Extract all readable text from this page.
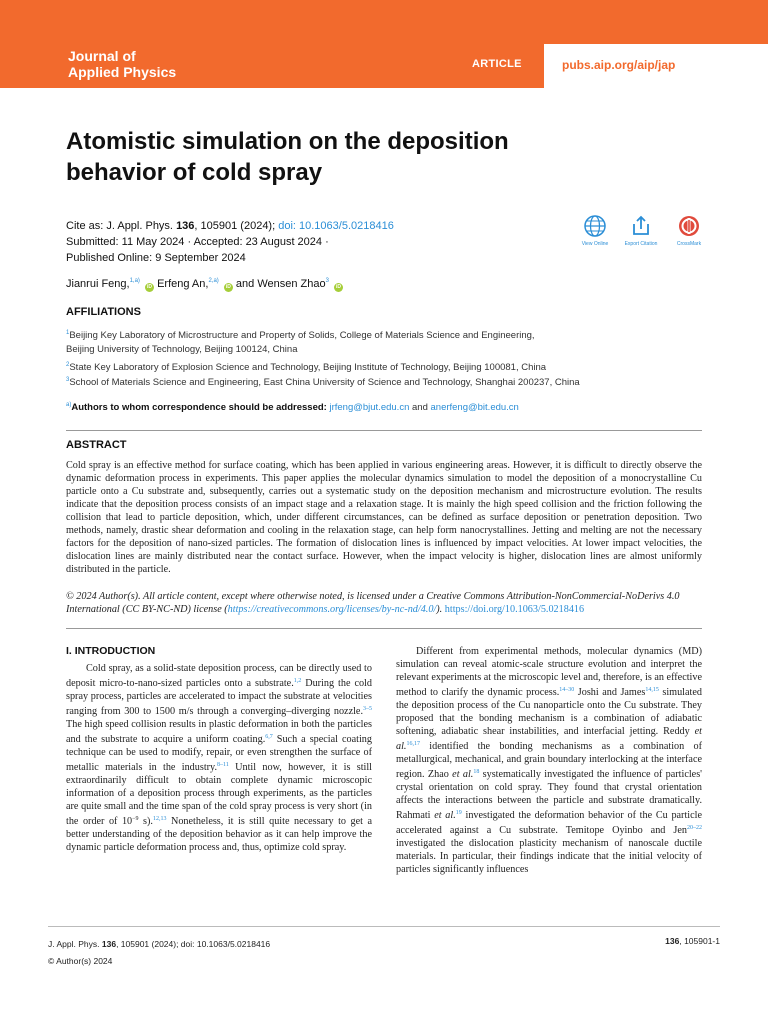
Journal of
Applied Physics	ARTICLE	pubs.aip.org/aip/jap
Atomistic simulation on the deposition
behavior of cold spray
Cite as: J. Appl. Phys. 136, 105901 (2024); doi: 10.1063/5.0218416
Submitted: 11 May 2024 · Accepted: 23 August 2024 ·
Published Online: 9 September 2024
View Online	Export Citation	CrossMark
Jianrui Feng,$^{1,a)}$ iD Erfeng An,$^{2,a)}$ iD and Wensen Zhao$^3$ iD
AFFILIATIONS
$^1$Beijing Key Laboratory of Microstructure and Property of Solids, College of Materials Science and Engineering,
Beijing University of Technology, Beijing 100124, China
$^2$State Key Laboratory of Explosion Science and Technology, Beijing Institute of Technology, Beijing 100081, China
$^3$School of Materials Science and Engineering, East China University of Science and Technology, Shanghai 200237, China
$^{a)}$Authors to whom correspondence should be addressed: jrfeng@bjut.edu.cn and anerfeng@bit.edu.cn
ABSTRACT

Cold spray is an effective method for surface coating, which has been applied in various engineering areas. However, it is difficult to directly observe the dynamic deformation process in experiments. This paper applies the molecular dynamics simulation to model the deposition of a monocrystalline Cu particle onto a Cu substrate and, subsequently, carries out a systematic study on the deposition mechanism and microstructure evolution. The results indicate that the deposition process consists of an impact stage and a relaxation stage. It is mainly the high speed collision and the friction following the collision that lead to particle deposition, which, under different circumstances, can be defined as surface deposition or penetration deposition. Two methods, namely, drastic shear deformation and cooling in the relaxation stage, can help form nanocrystallines. Jetting and melting are not the necessary factors for the deposition of nano-sized particles. The formation of dislocation lines is influenced by impact velocities. At lower impact velocities, the dislocation lines are mainly distributed near the contact surface. However, when the impact velocity is higher, dislocation lines are almost uniformly distributed in the particle.

© 2024 Author(s). All article content, except where otherwise noted, is licensed under a Creative Commons Attribution-NonCommercial-NoDerivs 4.0 International (CC BY-NC-ND) license (https://creativecommons.org/licenses/by-nc-nd/4.0/). https://doi.org/10.1063/5.0218416

I. INTRODUCTION

Cold spray, as a solid-state deposition process, can be directly used to deposit micro-to-nano-sized particles onto a substrate.$^{1,2}$ During the cold spray process, particles are accelerated to impact the substrate at velocities ranging from 300 to 1500 m/s through a converging–diverging nozzle.$^{3-5}$ The high speed collision results in plastic deformation in both the particles and the substrate to acquire a uniform coating.$^{6,7}$ Such a special coating technique can be used to modify, repair, or even strengthen the surface of metallic materials in the industry.$^{8-11}$ Until now, however, it is still extraordinarily difficult to obtain complete dynamic microscopic information of a deposition process through experiments, as the particles are quite small and the time span of the cold spray process is very short (in the order of $10^{-9}$ s).$^{12,13}$ Nonetheless, it is still quite necessary to get a better understanding of the deposition behavior as it can help improve the dynamic particle deformation process and, thus, optimize cold spray.

Different from experimental methods, molecular dynamics (MD) simulation can reveal atomic-scale structure evolution and interpret the relevant experiments at the microscopic level and, therefore, is an effective method to clarify the dynamic process.$^{14-30}$ Joshi and James$^{14,15}$ simulated the deposition process of the Cu nanoparticle onto the Cu substrate. They proposed that the bonding mechanism is a combination of adiabatic softening, adiabatic shear instabilities, and interfacial jetting. Reddy et al.$^{16,17}$ identified the bonding mechanisms as a combination of metallurgical, mechanical, and grain boundary interlocking at the interface region. Zhao et al.$^{18}$ systematically investigated the influence of particles' crystal orientation on cold spray. They found that crystal orientation affects the interactions between the particle and substrate dramatically. Rahmati et al.$^{19}$ investigated the deformation behavior of the Cu particle accelerated against a Cu substrate. Temitope Oyinbo and Jen$^{20-22}$ investigated the dislocation plasticity mechanism of nanoscale ductile materials. In particular, their findings indicate that the initial velocity of particles significantly influences

J. Appl. Phys. 136, 105901 (2024); doi: 10.1063/5.0218416
© Author(s) 2024
136, 105901-1
